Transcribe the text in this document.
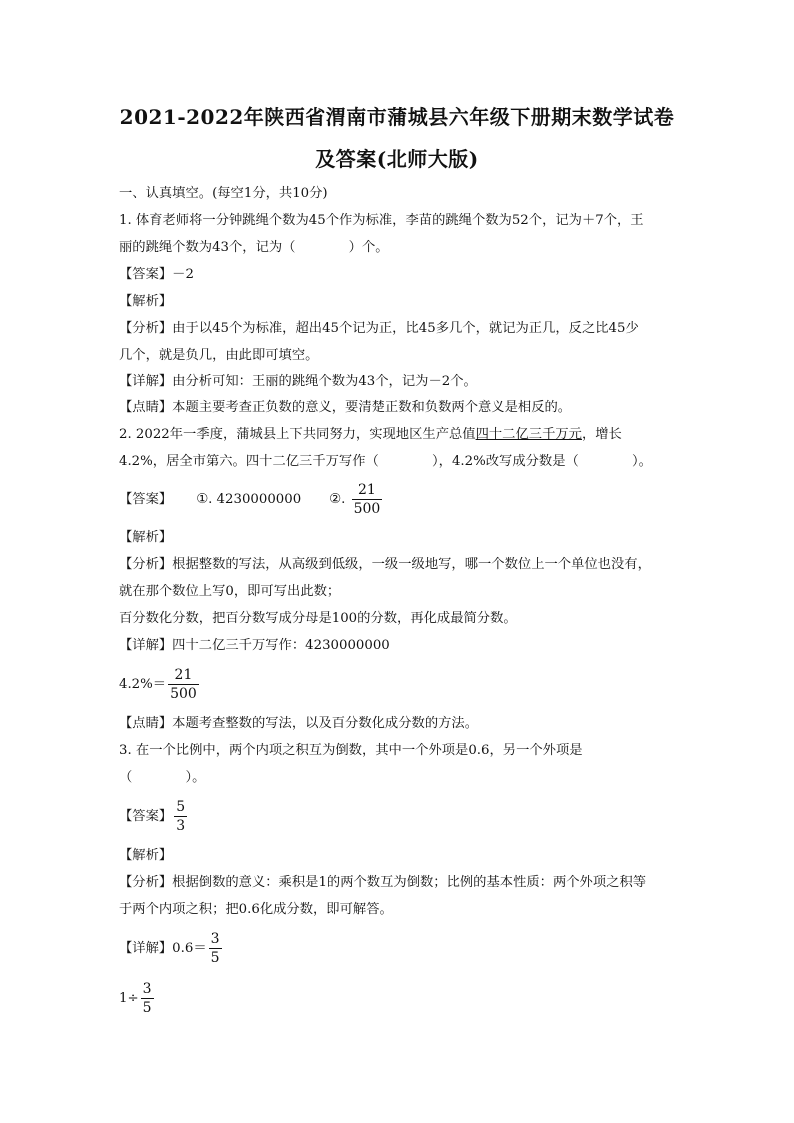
2021-2022年陕西省渭南市蒲城县六年级下册期末数学试卷
及答案(北师大版)
一、认真填空。(每空1分，共10分)
1. 体育老师将一分钟跳绳个数为45个作为标准，李苗的跳绳个数为52个，记为＋7个，王
丽的跳绳个数为43个，记为（　　　　）个。
【答案】－2
【解析】
【分析】由于以45个为标准，超出45个记为正，比45多几个，就记为正几，反之比45少
几个，就是负几，由此即可填空。
【详解】由分析可知：王丽的跳绳个数为43个，记为－2个。
【点睛】本题主要考查正负数的意义，要清楚正数和负数两个意义是相反的。
2. 2022年一季度，蒲城县上下共同努力，实现地区生产总值四十二亿三千万元，增长
4.2%，居全市第六。四十二亿三千万写作（　　　　），4.2%改写成分数是（　　　　）。
【答案】 ①. 4230000000 ②. $\frac{21}{500}$
【解析】
【分析】根据整数的写法，从高级到低级，一级一级地写，哪一个数位上一个单位也没有，
就在那个数位上写0，即可写出此数；
百分数化分数，把百分数写成分母是100的分数，再化成最简分数。
【详解】四十二亿三千万写作：4230000000
$4.2\%= \frac{21}{500}$
【点睛】本题考查整数的写法，以及百分数化成分数的方法。
3. 在一个比例中，两个内项之积互为倒数，其中一个外项是0.6，另一个外项是
（　　　　）。
【答案】 $\frac{5}{3}$
【解析】
【分析】根据倒数的意义：乘积是1的两个数互为倒数；比例的基本性质：两个外项之积等
于两个内项之积；把0.6化成分数，即可解答。
【详解】$0.6= \frac{3}{5}$
$1\div \frac{3}{5}$
